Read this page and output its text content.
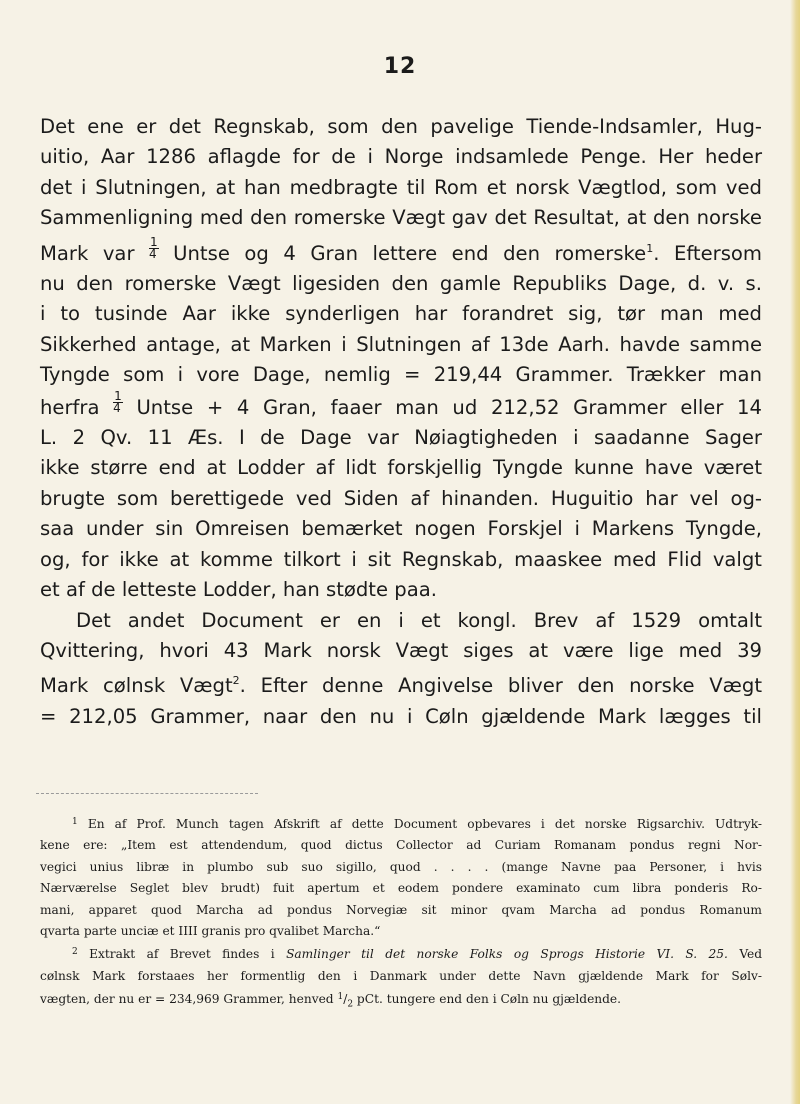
12
Det ene er det Regnskab, som den pavelige Tiende-Indsamler, Hug-
uitio, Aar 1286 aflagde for de i Norge indsamlede Penge. Her heder
det i Slutningen, at han medbragte til Rom et norsk Vægtlod, som ved
Sammenligning med den romerske Vægt gav det Resultat, at den norske
Mark var $\frac{1}{4}$ Untse og 4 Gran lettere end den romerske$^1$. Eftersom
nu den romerske Vægt ligesiden den gamle Republiks Dage, d. v. s.
i to tusinde Aar ikke synderligen har forandret sig, tør man med
Sikkerhed antage, at Marken i Slutningen af 13de Aarh. havde samme
Tyngde som i vore Dage, nemlig = 219,44 Grammer. Trækker man
herfra $\frac{1}{4}$ Untse + 4 Gran, faaer man ud 212,52 Grammer eller 14
L. 2 Qv. 11 Æs. I de Dage var Nøiagtigheden i saadanne Sager
ikke større end at Lodder af lidt forskjellig Tyngde kunne have været
brugte som berettigede ved Siden af hinanden. Huguitio har vel og-
saa under sin Omreisen bemærket nogen Forskjel i Markens Tyngde,
og, for ikke at komme tilkort i sit Regnskab, maaskee med Flid valgt
et af de letteste Lodder, han stødte paa.
Det andet Document er en i et kongl. Brev af 1529 omtalt
Qvittering, hvori 43 Mark norsk Vægt siges at være lige med 39
Mark cølnsk Vægt$^2$. Efter denne Angivelse bliver den norske Vægt
= 212,05 Grammer, naar den nu i Cøln gjældende Mark lægges til
$^1$ En af Prof. Munch tagen Afskrift af dette Document opbevares i det norske Rigsarchiv. Udtryk-
kene ere: „Item est attendendum, quod dictus Collector ad Curiam Romanam pondus regni Nor-
vegici unius libræ in plumbo sub suo sigillo, quod . . . . (mange Navne paa Personer, i hvis
Nærværelse Seglet blev brudt) fuit apertum et eodem pondere examinato cum libra ponderis Ro-
mani, apparet quod Marcha ad pondus Norvegiæ sit minor qvam Marcha ad pondus Romanum
qvarta parte unciæ et IIII granis pro qvalibet Marcha.“
$^2$ Extrakt af Brevet findes i Samlinger til det norske Folks og Sprogs Historie VI. S. 25. Ved
cølnsk Mark forstaaes her formentlig den i Danmark under dette Navn gjældende Mark for Sølv-
vægten, der nu er = 234,969 Grammer, henved $^1/_2$ pCt. tungere end den i Cøln nu gjældende.
